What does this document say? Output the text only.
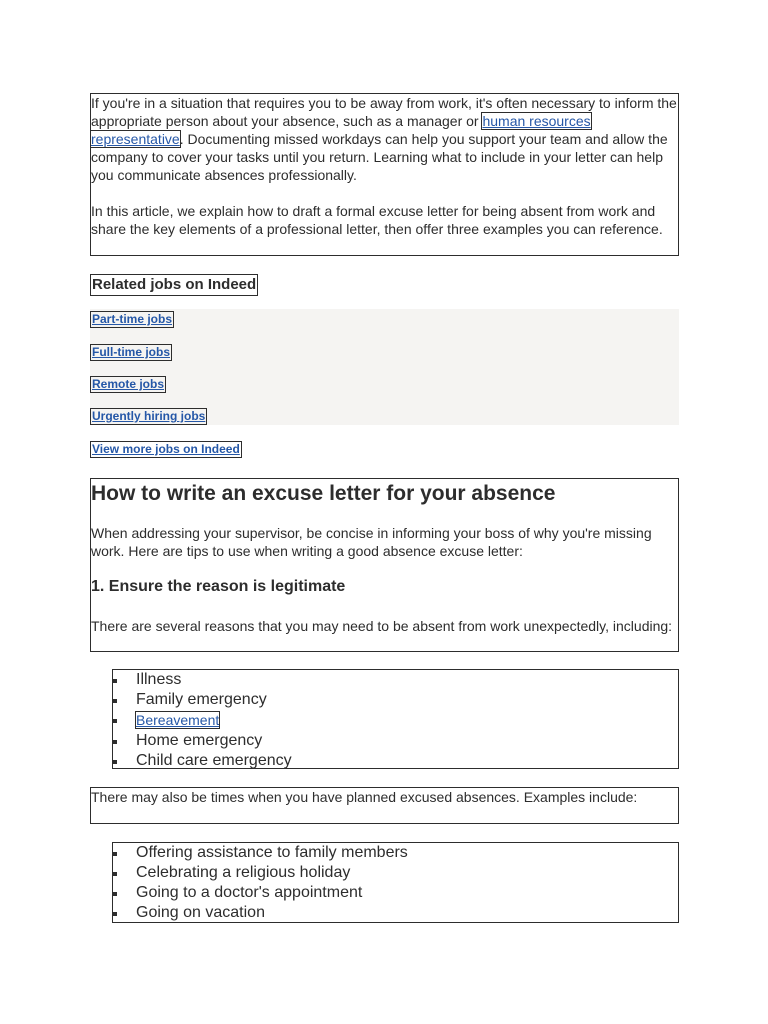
If you're in a situation that requires you to be away from work, it's often necessary to inform the appropriate person about your absence, such as a manager or human resources representative. Documenting missed workdays can help you support your team and allow the company to cover your tasks until you return. Learning what to include in your letter can help you communicate absences professionally.

In this article, we explain how to draft a formal excuse letter for being absent from work and share the key elements of a professional letter, then offer three examples you can reference.

Related jobs on Indeed
Part-time jobs
Full-time jobs
Remote jobs
Urgently hiring jobs
View more jobs on Indeed
How to write an excuse letter for your absence

When addressing your supervisor, be concise in informing your boss of why you're missing work. Here are tips to use when writing a good absence excuse letter:

1. Ensure the reason is legitimate

There are several reasons that you may need to be absent from work unexpectedly, including:

Illness
Family emergency
Bereavement
Home emergency
Child care emergency

There may also be times when you have planned excused absences. Examples include:

Offering assistance to family members
Celebrating a religious holiday
Going to a doctor's appointment
Going on vacation
